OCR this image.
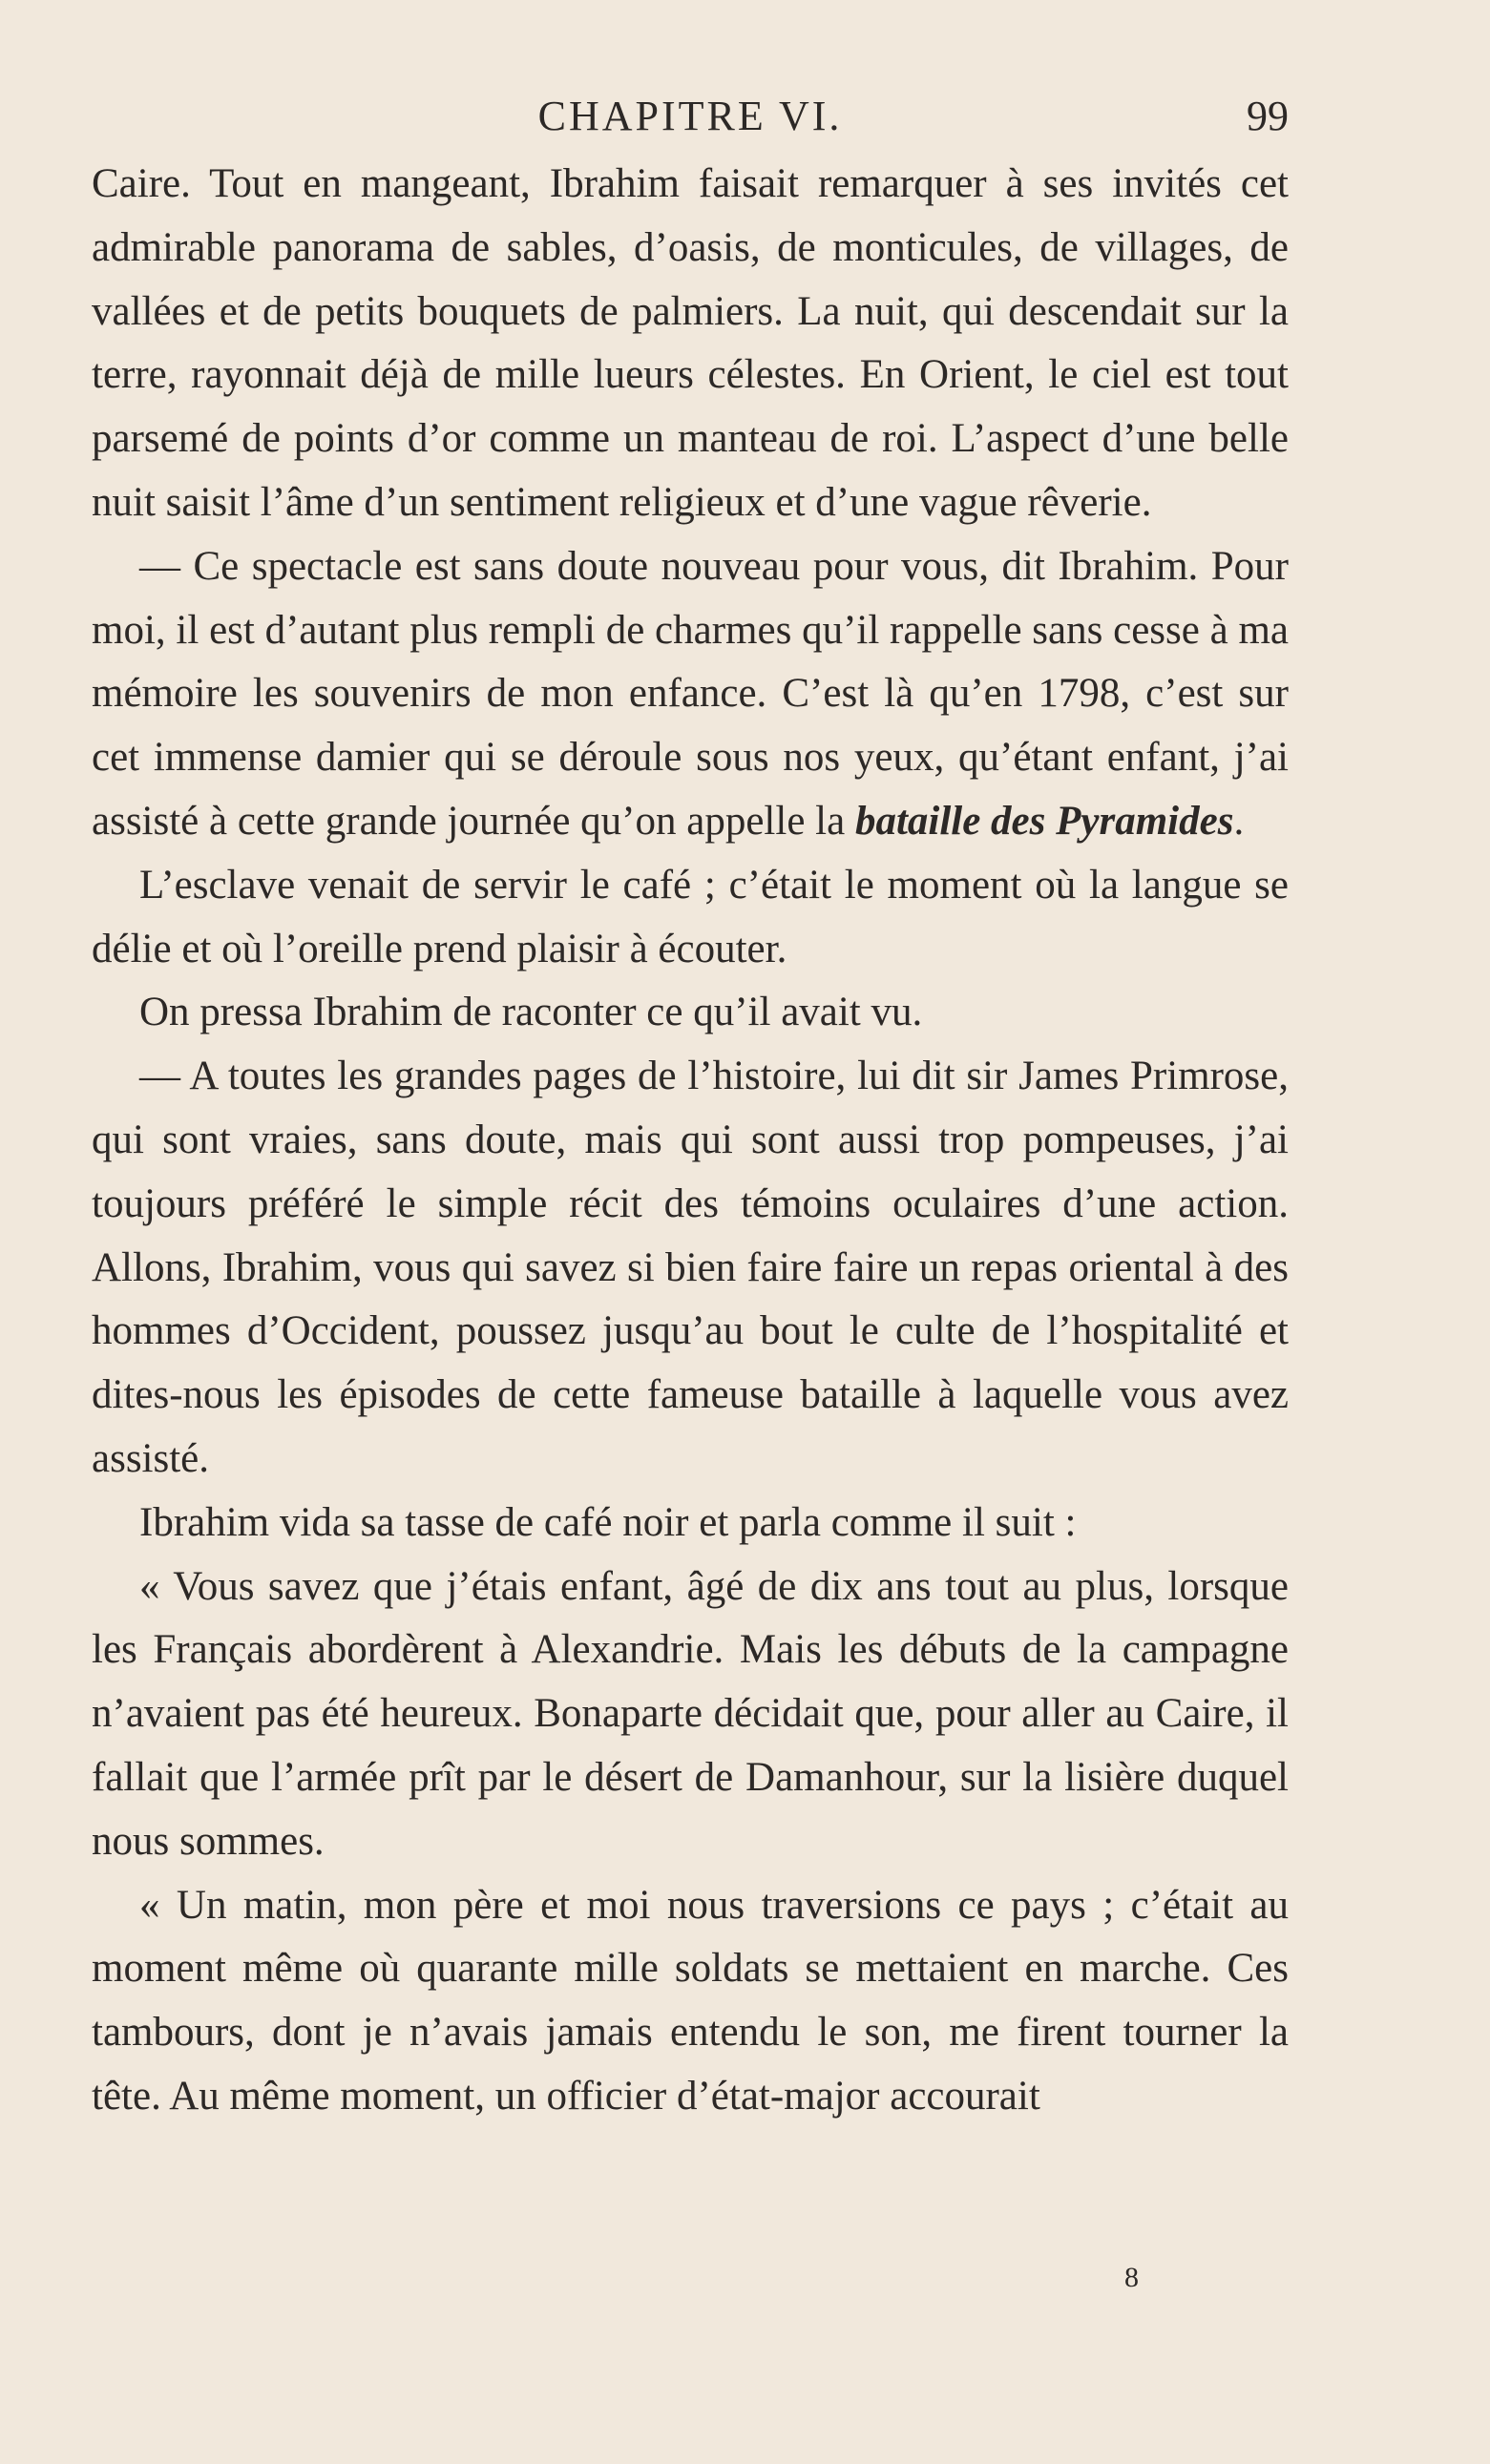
CHAPITRE VI.	99

Caire. Tout en mangeant, Ibrahim faisait remarquer à ses invités cet admirable panorama de sables, d’oasis, de monticules, de villages, de vallées et de petits bouquets de palmiers. La nuit, qui descendait sur la terre, rayonnait déjà de mille lueurs célestes. En Orient, le ciel est tout parsemé de points d’or comme un manteau de roi. L’aspect d’une belle nuit saisit l’âme d’un sentiment religieux et d’une vague rêverie.

— Ce spectacle est sans doute nouveau pour vous, dit Ibrahim. Pour moi, il est d’autant plus rempli de charmes qu’il rappelle sans cesse à ma mémoire les souvenirs de mon enfance. C’est là qu’en 1798, c’est sur cet immense damier qui se déroule sous nos yeux, qu’étant enfant, j’ai assisté à cette grande journée qu’on appelle la bataille des Pyramides.

L’esclave venait de servir le café ; c’était le moment où la langue se délie et où l’oreille prend plaisir à écouter.

On pressa Ibrahim de raconter ce qu’il avait vu.

— A toutes les grandes pages de l’histoire, lui dit sir James Primrose, qui sont vraies, sans doute, mais qui sont aussi trop pompeuses, j’ai toujours préféré le simple récit des témoins oculaires d’une action. Allons, Ibrahim, vous qui savez si bien faire faire un repas oriental à des hommes d’Occident, poussez jusqu’au bout le culte de l’hospitalité et dites-nous les épisodes de cette fameuse bataille à laquelle vous avez assisté.

Ibrahim vida sa tasse de café noir et parla comme il suit :

« Vous savez que j’étais enfant, âgé de dix ans tout au plus, lorsque les Français abordèrent à Alexandrie. Mais les débuts de la campagne n’avaient pas été heureux. Bonaparte décidait que, pour aller au Caire, il fallait que l’armée prît par le désert de Damanhour, sur la lisière duquel nous sommes.

« Un matin, mon père et moi nous traversions ce pays ; c’était au moment même où quarante mille soldats se mettaient en marche. Ces tambours, dont je n’avais jamais entendu le son, me firent tourner la tête. Au même moment, un officier d’état-major accourait

8
